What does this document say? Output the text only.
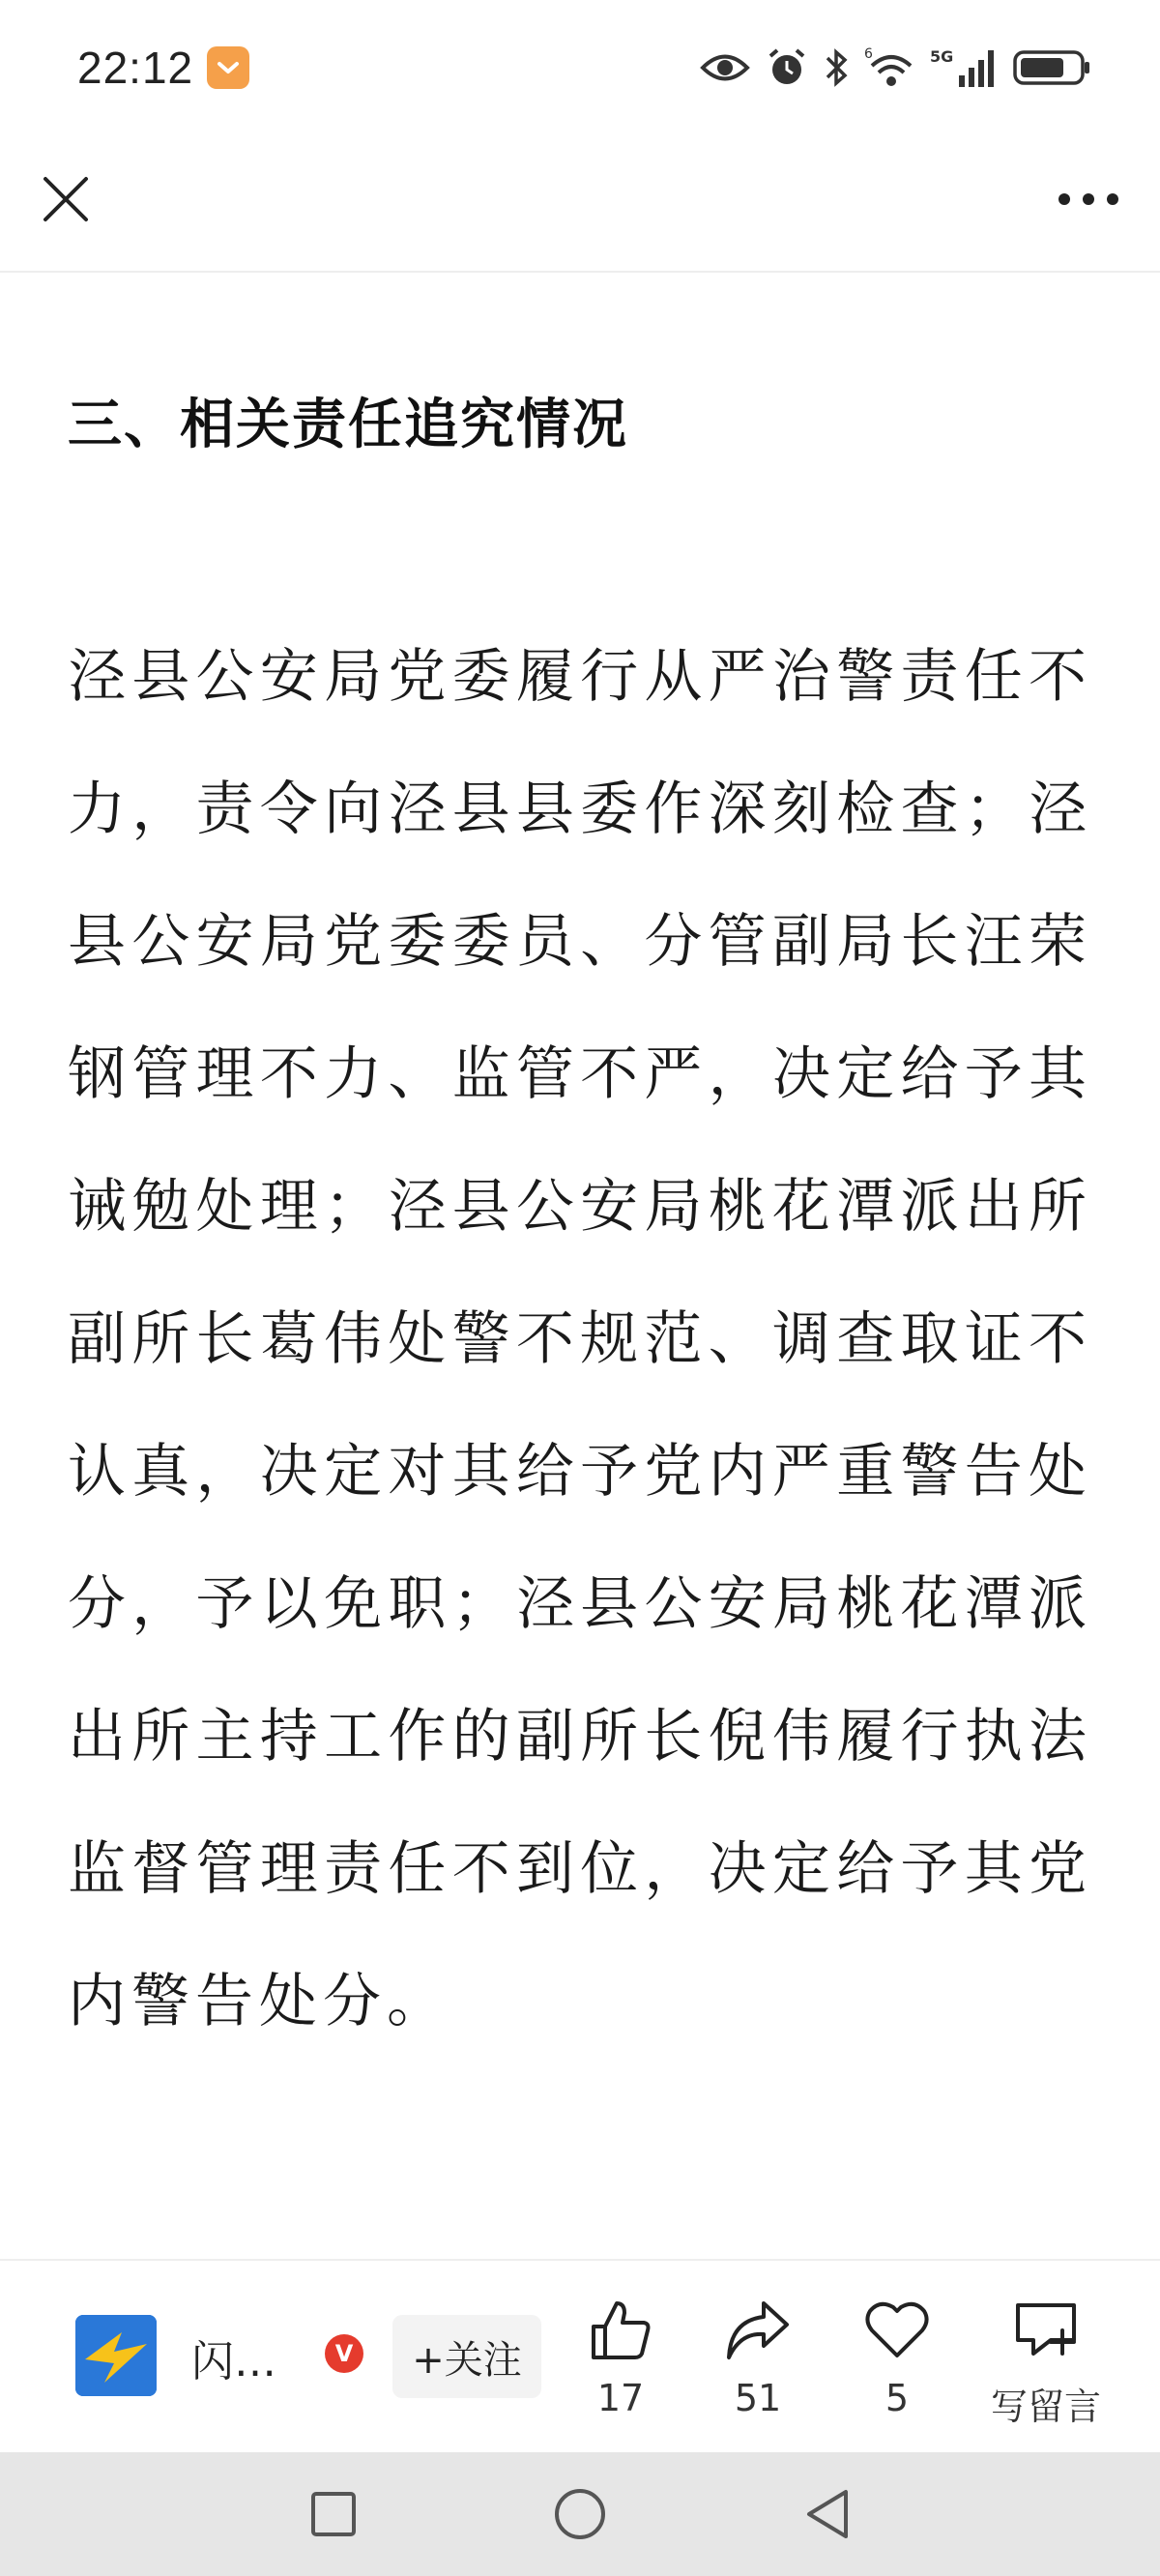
22:12	6	5G
三、相关责任追究情况

泾县公安局党委履行从严治警责任不力，责令向泾县县委作深刻检查；泾县公安局党委委员、分管副局长汪荣钢管理不力、监管不严，决定给予其诫勉处理；泾县公安局桃花潭派出所副所长葛伟处警不规范、调查取证不认真，决定对其给予党内严重警告处分，予以免职；泾县公安局桃花潭派出所主持工作的副所长倪伟履行执法监督管理责任不到位，决定给予其党内警告处分。

闪…	V	+关注
17 51	5 写留言
